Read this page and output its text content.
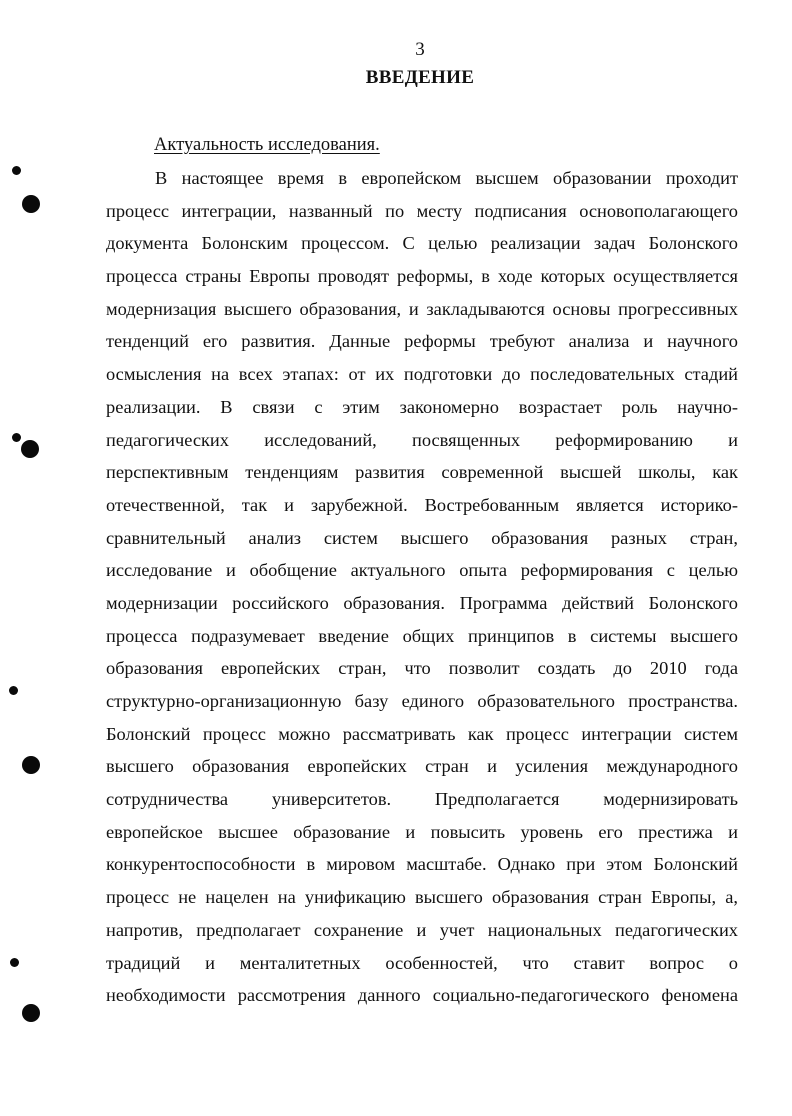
3
ВВЕДЕНИЕ
Актуальность исследования.
В настоящее время в европейском высшем образовании проходит
процесс интеграции, названный по месту подписания основополагающего
документа Болонским процессом. С целью реализации задач Болонского
процесса страны Европы проводят реформы, в ходе которых осуществляется
модернизация высшего образования, и закладываются основы прогрессивных
тенденций его развития. Данные реформы требуют анализа и научного
осмысления на всех этапах: от их подготовки до последовательных стадий
реализации. В связи с этим закономерно возрастает роль научно-
педагогических исследований, посвященных реформированию и
перспективным тенденциям развития современной высшей школы, как
отечественной, так и зарубежной. Востребованным является историко-
сравнительный анализ систем высшего образования разных стран,
исследование и обобщение актуального опыта реформирования с целью
модернизации российского образования. Программа действий Болонского
процесса подразумевает введение общих принципов в системы высшего
образования европейских стран, что позволит создать до 2010 года
структурно-организационную базу единого образовательного пространства.
Болонский процесс можно рассматривать как процесс интеграции систем
высшего образования европейских стран и усиления международного
сотрудничества университетов. Предполагается модернизировать
европейское высшее образование и повысить уровень его престижа и
конкурентоспособности в мировом масштабе. Однако при этом Болонский
процесс не нацелен на унификацию высшего образования стран Европы, а,
напротив, предполагает сохранение и учет национальных педагогических
традиций и менталитетных особенностей, что ставит вопрос о
необходимости рассмотрения данного социально-педагогического феномена
